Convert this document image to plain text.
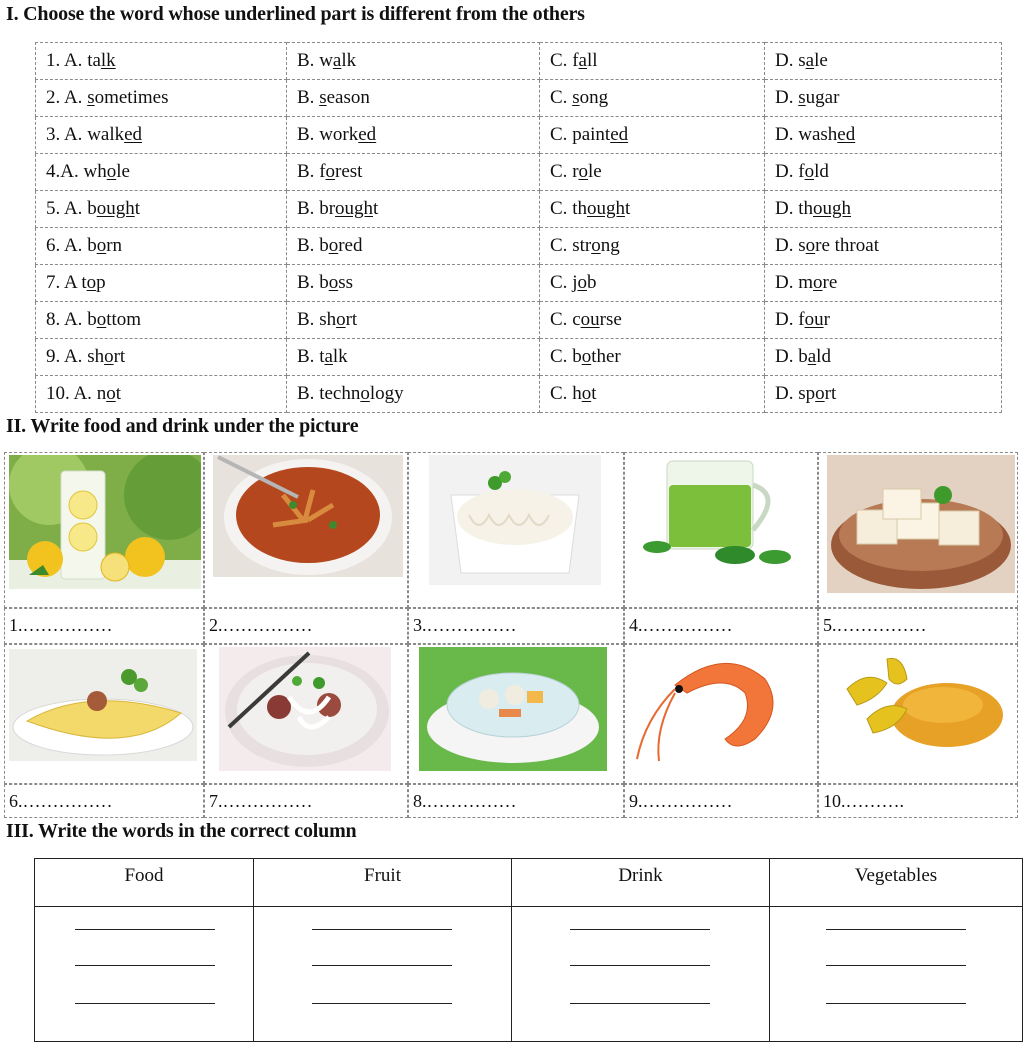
I. Choose the word whose underlined part is different from the others
1. A. talk	B. walk	C. fall	D. sale
2. A. sometimes	B. season	C. song	D. sugar
3. A. walked	B. worked	C. painted	D. washed
4.A. whole	B. forest	C. role	D. fold
5. A. bought	B. brought	C. thought	D. though
6. A. born	B. bored	C. strong	D. sore throat
7. A top	B. boss	C. job	D. more
8. A. bottom	B. short	C. course	D. four
9. A. short	B. talk	C. bother	D. bald
10. A. not	B. technology	C. hot	D. sport
II. Write food and drink under the picture
1.……………	2.……………	3.……………	4.……………	5.……………
6.……………	7.……………	8.……………	9.……………	10.……….
III. Write the words in the correct column
Food	Fruit	Drink	Vegetables
